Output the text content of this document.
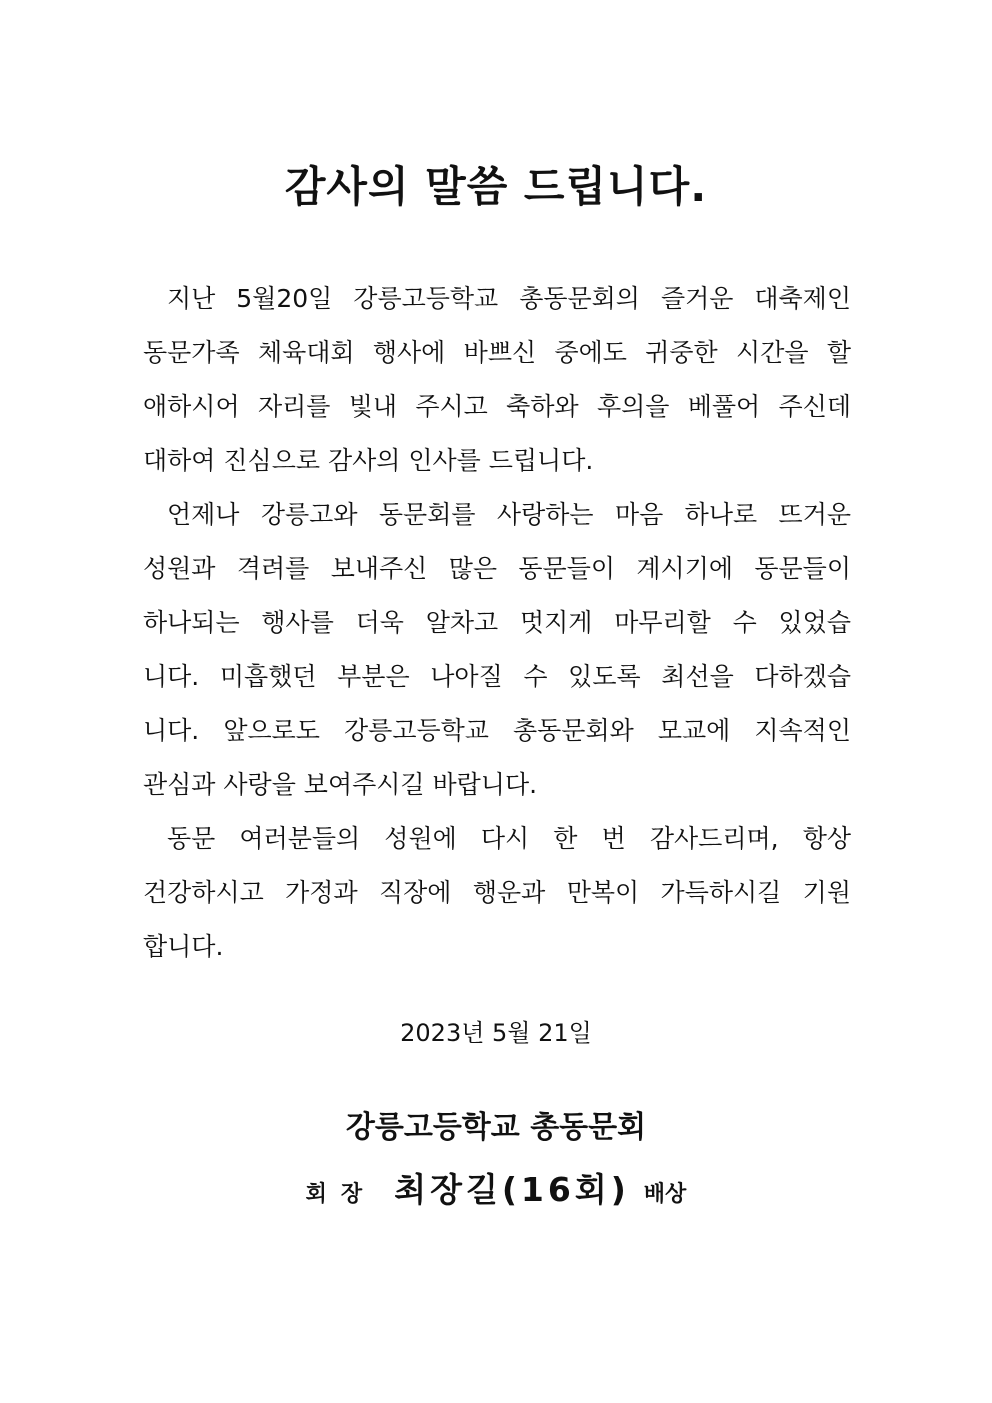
감사의 말씀 드립니다.
지난 5월20일 강릉고등학교 총동문회의 즐거운 대축제인
동문가족 체육대회 행사에 바쁘신 중에도 귀중한 시간을 할
애하시어 자리를 빛내 주시고 축하와 후의을 베풀어 주신데
대하여 진심으로 감사의 인사를 드립니다.
언제나 강릉고와 동문회를 사랑하는 마음 하나로 뜨거운
성원과 격려를 보내주신 많은 동문들이 계시기에 동문들이
하나되는 행사를 더욱 알차고 멋지게 마무리할 수 있었습
니다. 미흡했던 부분은 나아질 수 있도록 최선을 다하겠습
니다. 앞으로도 강릉고등학교 총동문회와 모교에 지속적인
관심과 사랑을 보여주시길 바랍니다.
동문 여러분들의 성원에 다시 한 번 감사드리며, 항상
건강하시고 가정과 직장에 행운과 만복이 가득하시길 기원
합니다.
2023년 5월 21일
강릉고등학교 총동문회
회장 최장길(16회) 배상
